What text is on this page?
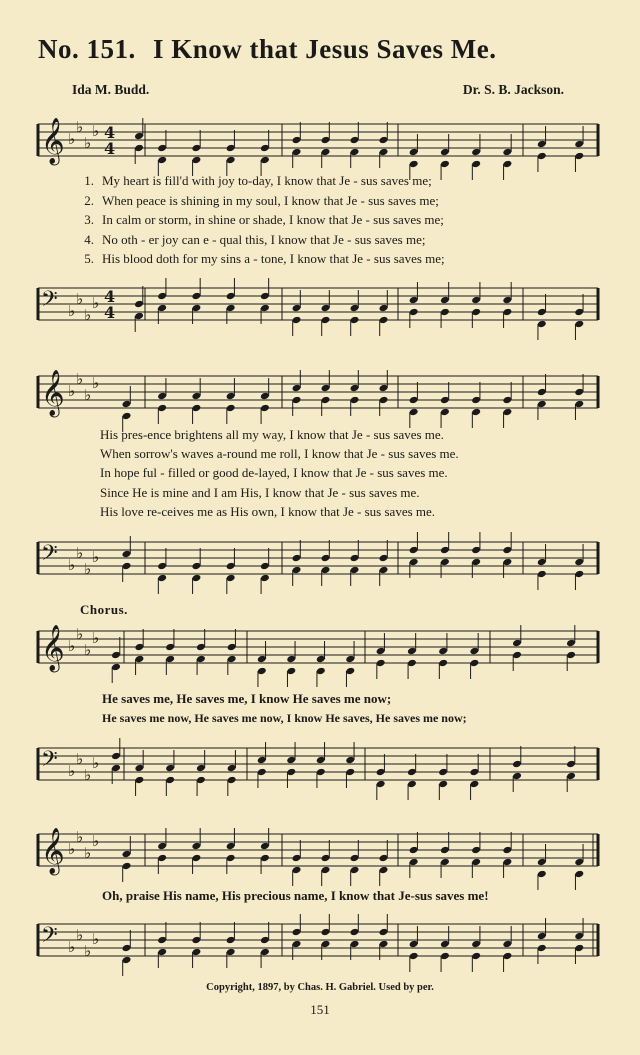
No. 151. I Know that Jesus Saves Me.
Ida M. Budd.	Dr. S. B. Jackson.
𝄞 ♭
♭
♭
♭ 4
4
1. My heart is fill'd with joy to-day, I know that Je - sus saves me;
2. When peace is shining in my soul, I know that Je - sus saves me;
3. In calm or storm, in shine or shade, I know that Je - sus saves me;
4. No oth - er joy can e - qual this, I know that Je - sus saves me;
5. His blood doth for my sins a - tone, I know that Je - sus saves me;
𝄢 ♭
♭
♭
♭ 4
4
𝄞 ♭
♭
♭
♭
His pres-ence brightens all my way, I know that Je - sus saves me.
When sorrow's waves a-round me roll, I know that Je - sus saves me.
In hope ful - filled or good de-layed, I know that Je - sus saves me.
Since He is mine and I am His, I know that Je - sus saves me.
His love re-ceives me as His own, I know that Je - sus saves me.
𝄢 ♭
♭
♭
♭
Chorus.
𝄞 ♭
♭
♭
♭
He saves me, He saves me, I know He saves me now;
He saves me now, He saves me now, I know He saves, He saves me now;
𝄢 ♭
♭
♭
♭
𝄞 ♭
♭
♭
♭
Oh, praise His name, His precious name, I know that Je-sus saves me!
𝄢 ♭
♭
♭
♭
Copyright, 1897, by Chas. H. Gabriel. Used by per.
151
